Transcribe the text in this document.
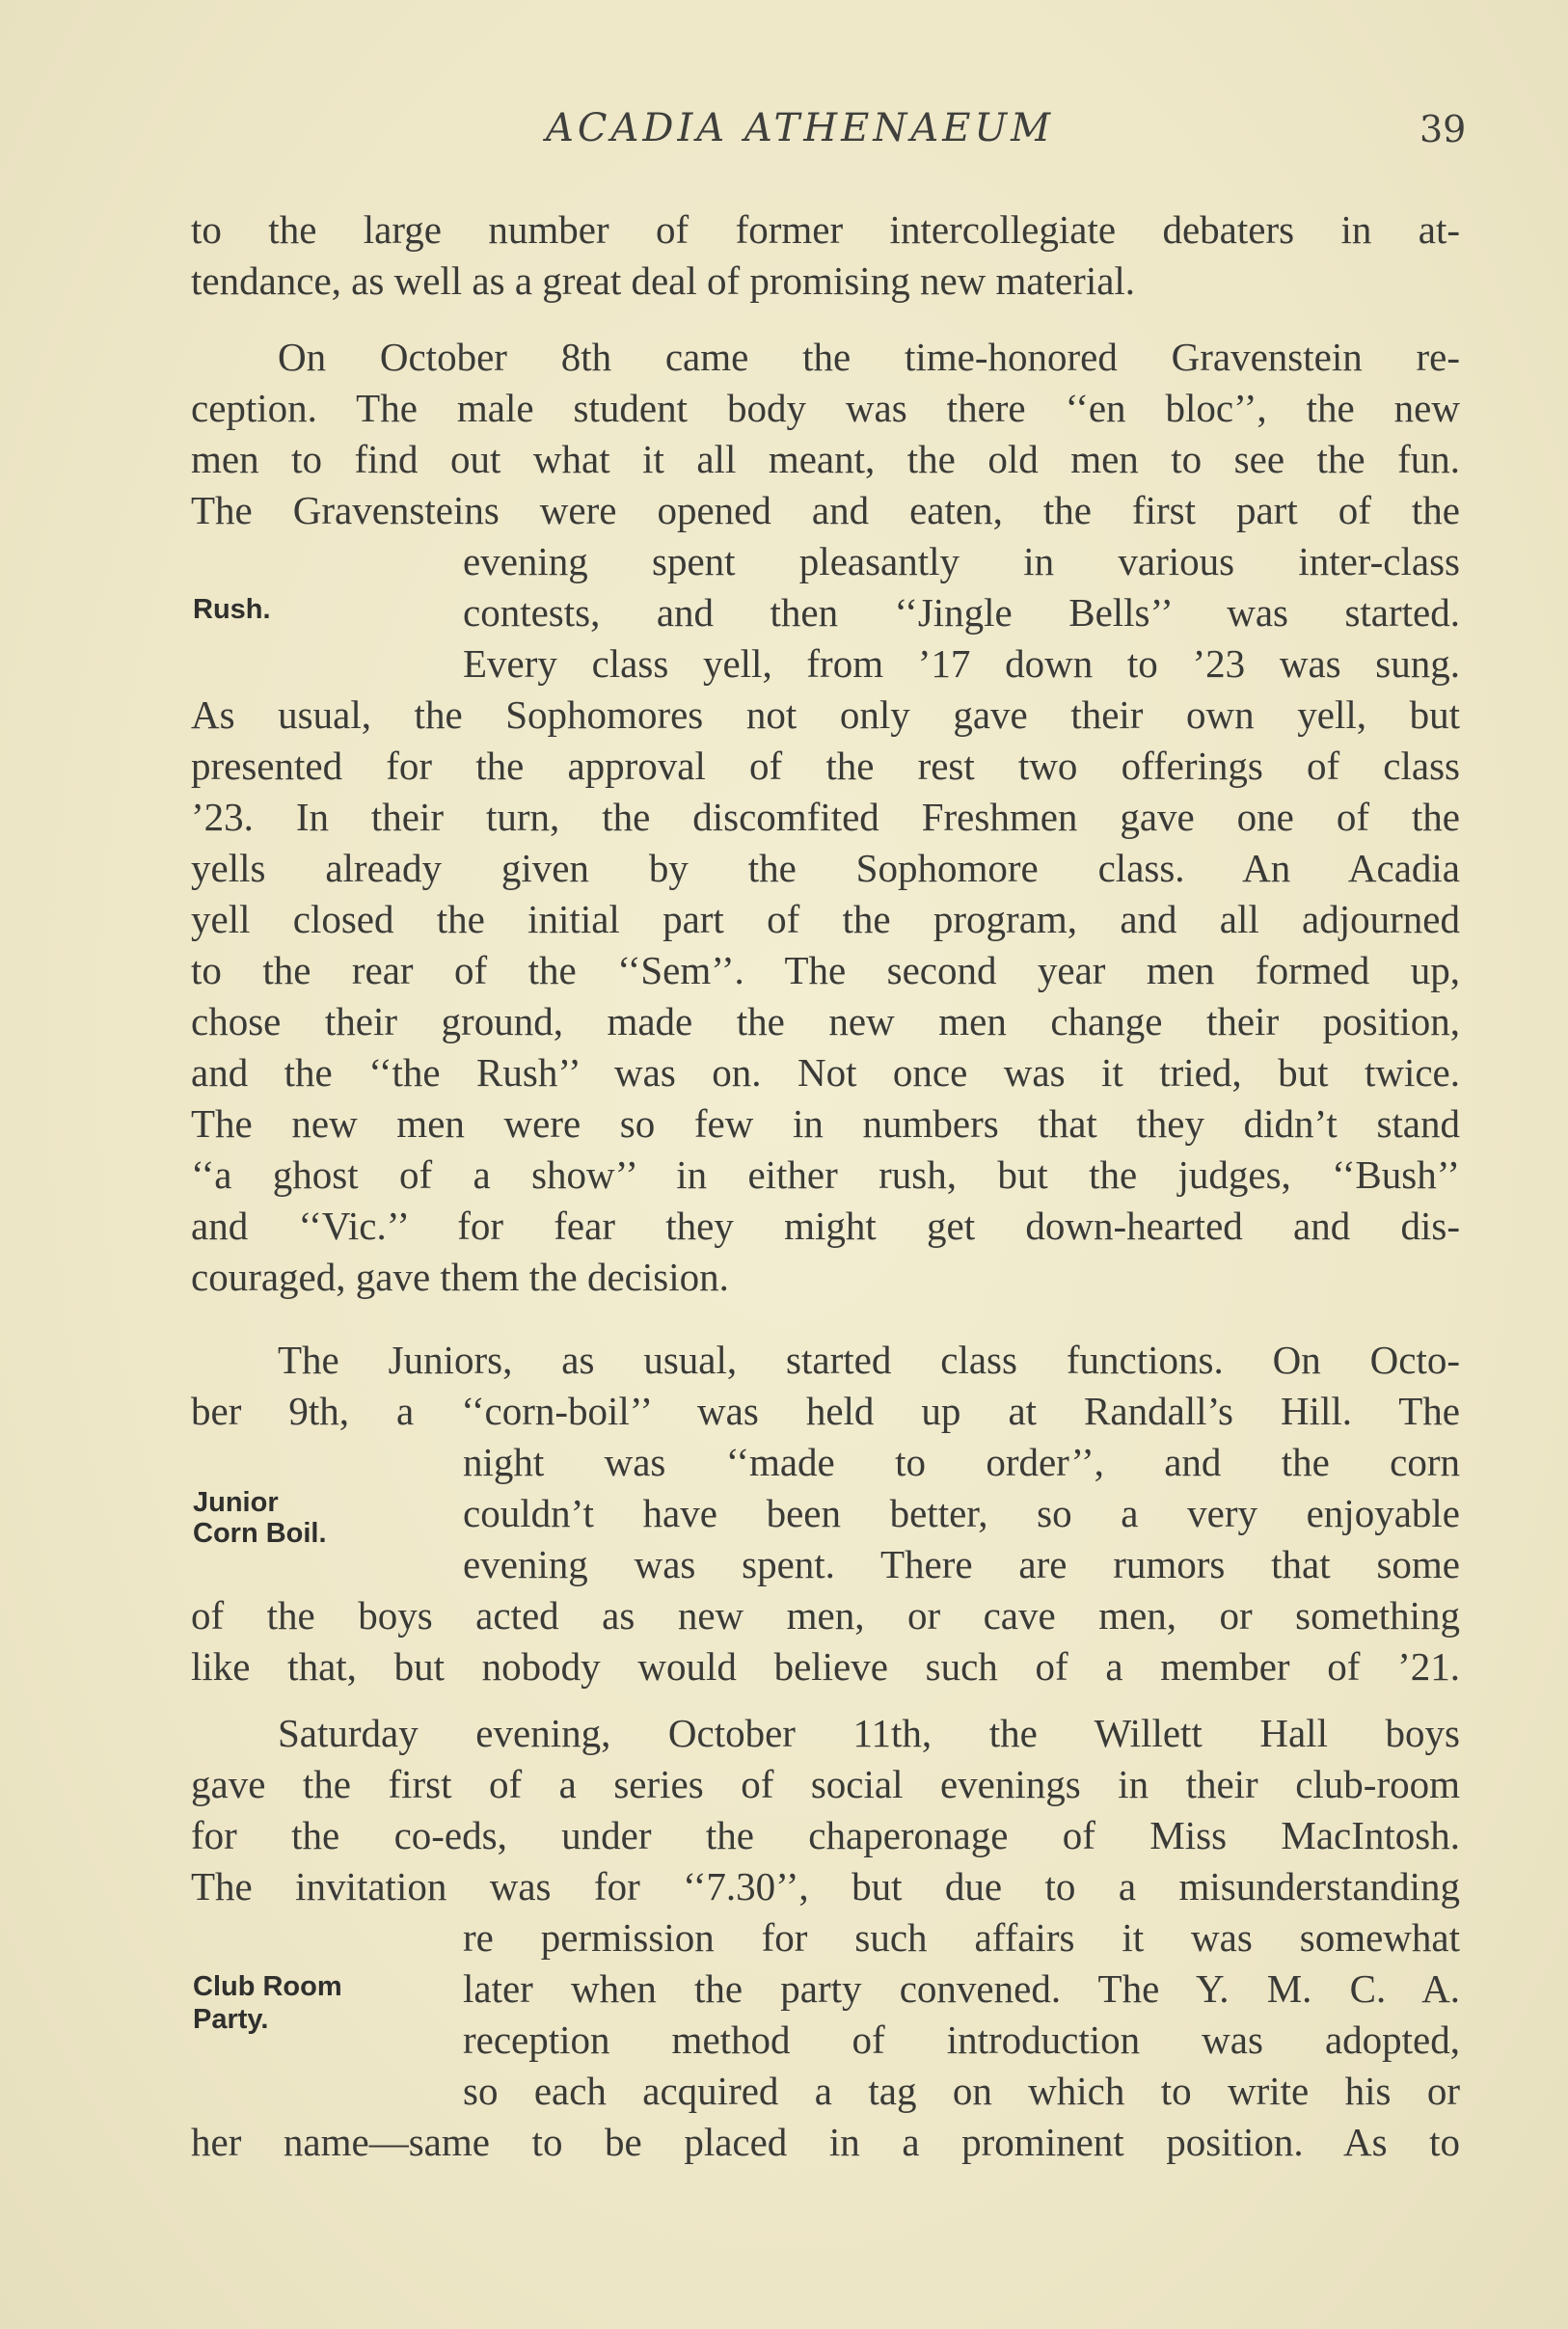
ACADIA ATHENAEUM	39
to the large number of former intercollegiate debaters in at-
tendance, as well as a great deal of promising new material.
On October 8th came the time-honored Gravenstein re-
ception. The male student body was there ‘‘en bloc’’, the new
men to find out what it all meant, the old men to see the fun.
The Gravensteins were opened and eaten, the first part of the
evening spent pleasantly in various inter-class
contests, and then ‘‘Jingle Bells’’ was started.
Every class yell, from ’17 down to ’23 was sung.
As usual, the Sophomores not only gave their own yell, but
presented for the approval of the rest two offerings of class
’23. In their turn, the discomfited Freshmen gave one of the
yells already given by the Sophomore class. An Acadia
yell closed the initial part of the program, and all adjourned
to the rear of the ‘‘Sem’’. The second year men formed up,
chose their ground, made the new men change their position,
and the ‘‘the Rush’’ was on. Not once was it tried, but twice.
The new men were so few in numbers that they didn’t stand
‘‘a ghost of a show’’ in either rush, but the judges, ‘‘Bush’’
and ‘‘Vic.’’ for fear they might get down-hearted and dis-
couraged, gave them the decision.
The Juniors, as usual, started class functions. On Octo-
ber 9th, a ‘‘corn-boil’’ was held up at Randall’s Hill. The
night was ‘‘made to order’’, and the corn
couldn’t have been better, so a very enjoyable
evening was spent. There are rumors that some
of the boys acted as new men, or cave men, or something
like that, but nobody would believe such of a member of ’21.
Saturday evening, October 11th, the Willett Hall boys
gave the first of a series of social evenings in their club-room
for the co-eds, under the chaperonage of Miss MacIntosh.
The invitation was for ‘‘7.30’’, but due to a misunderstanding
re permission for such affairs it was somewhat
later when the party convened. The Y. M. C. A.
reception method of introduction was adopted,
so each acquired a tag on which to write his or
her name—same to be placed in a prominent position. As to
Rush.
Junior
Corn Boil.
Club Room
Party.
